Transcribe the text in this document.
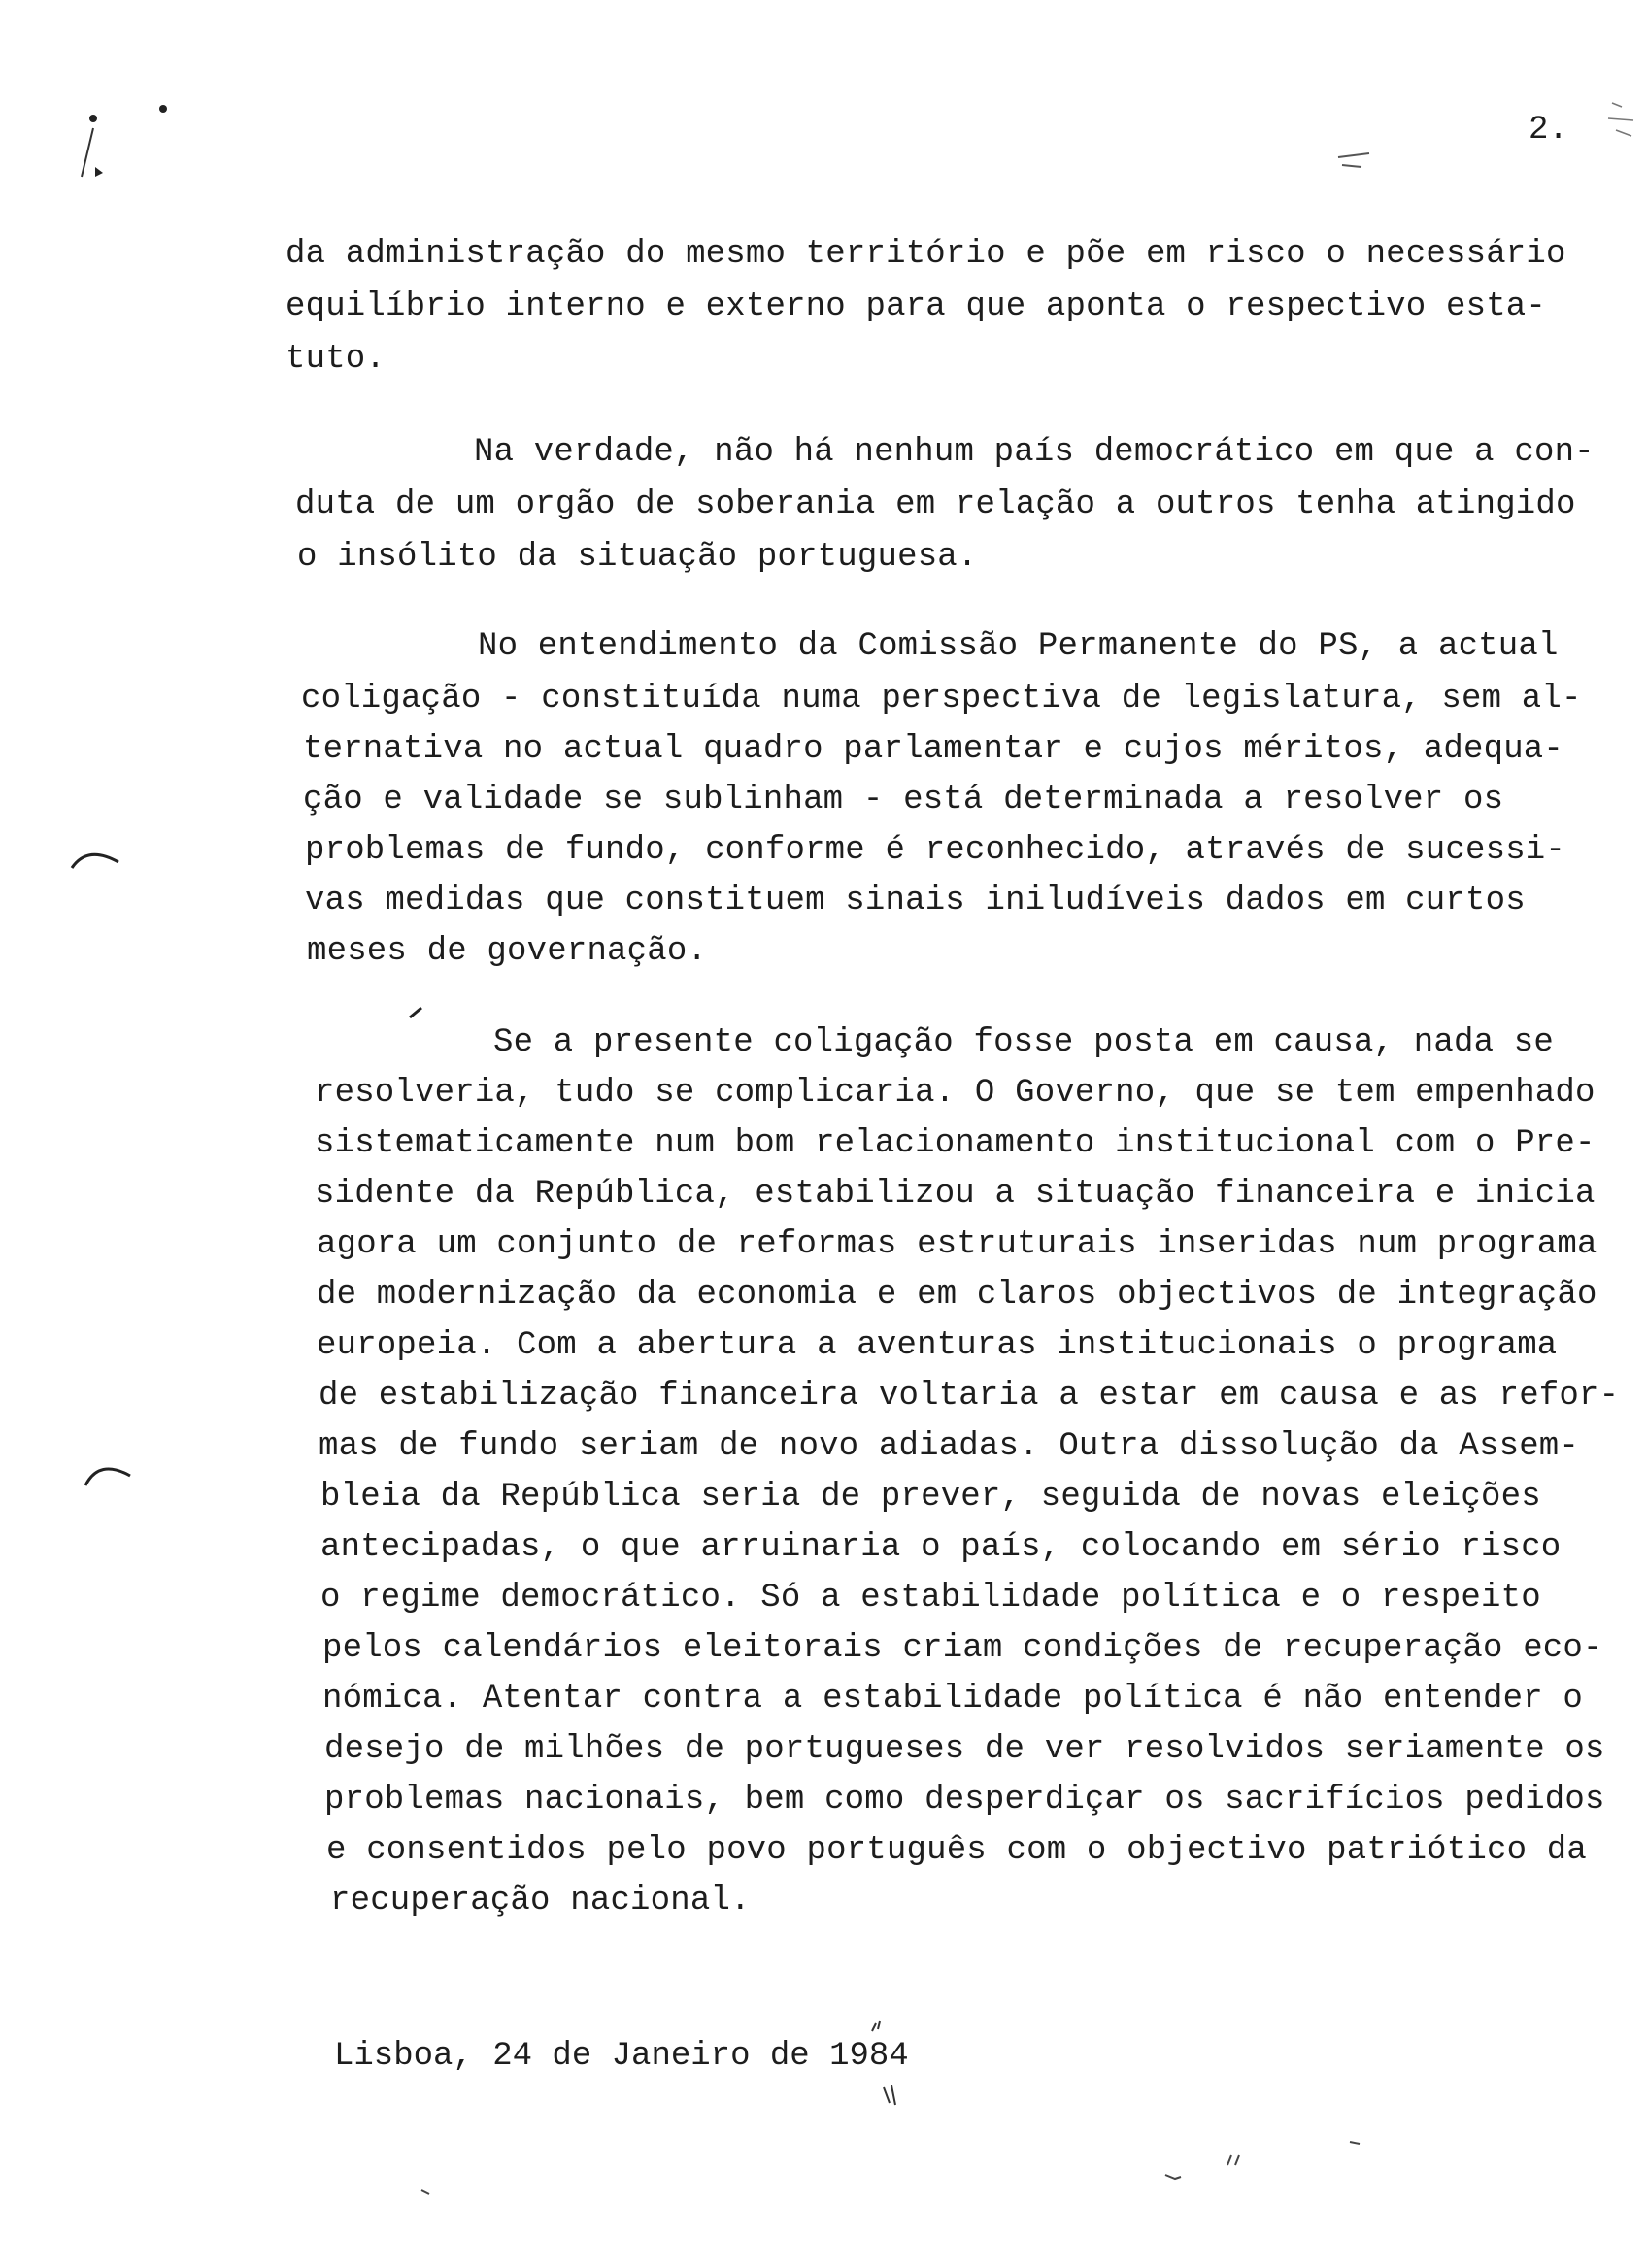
2.
da administração do mesmo território e põe em risco o necessário
equilíbrio interno e externo para que aponta o respectivo esta-
tuto.
Na verdade, não há nenhum país democrático em que a con-
duta de um orgão de soberania em relação a outros tenha atingido
o insólito da situação portuguesa.
No entendimento da Comissão Permanente do PS, a actual
coligação - constituída numa perspectiva de legislatura, sem al-
ternativa no actual quadro parlamentar e cujos méritos, adequa-
ção e validade se sublinham - está determinada a resolver os
problemas de fundo, conforme é reconhecido, através de sucessi-
vas medidas que constituem sinais iniludíveis dados em curtos
meses de governação.
Se a presente coligação fosse posta em causa, nada se
resolveria, tudo se complicaria. O Governo, que se tem empenhado
sistematicamente num bom relacionamento institucional com o Pre-
sidente da República, estabilizou a situação financeira e inicia
agora um conjunto de reformas estruturais inseridas num programa
de modernização da economia e em claros objectivos de integração
europeia. Com a abertura a aventuras institucionais o programa
de estabilização financeira voltaria a estar em causa e as refor-
mas de fundo seriam de novo adiadas. Outra dissolução da Assem-
bleia da República seria de prever, seguida de novas eleições
antecipadas, o que arruinaria o país, colocando em sério risco
o regime democrático. Só a estabilidade política e o respeito
pelos calendários eleitorais criam condições de recuperação eco-
nómica. Atentar contra a estabilidade política é não entender o
desejo de milhões de portugueses de ver resolvidos seriamente os
problemas nacionais, bem como desperdiçar os sacrifícios pedidos
e consentidos pelo povo português com o objectivo patriótico da
recuperação nacional.
Lisboa, 24 de Janeiro de 1984
